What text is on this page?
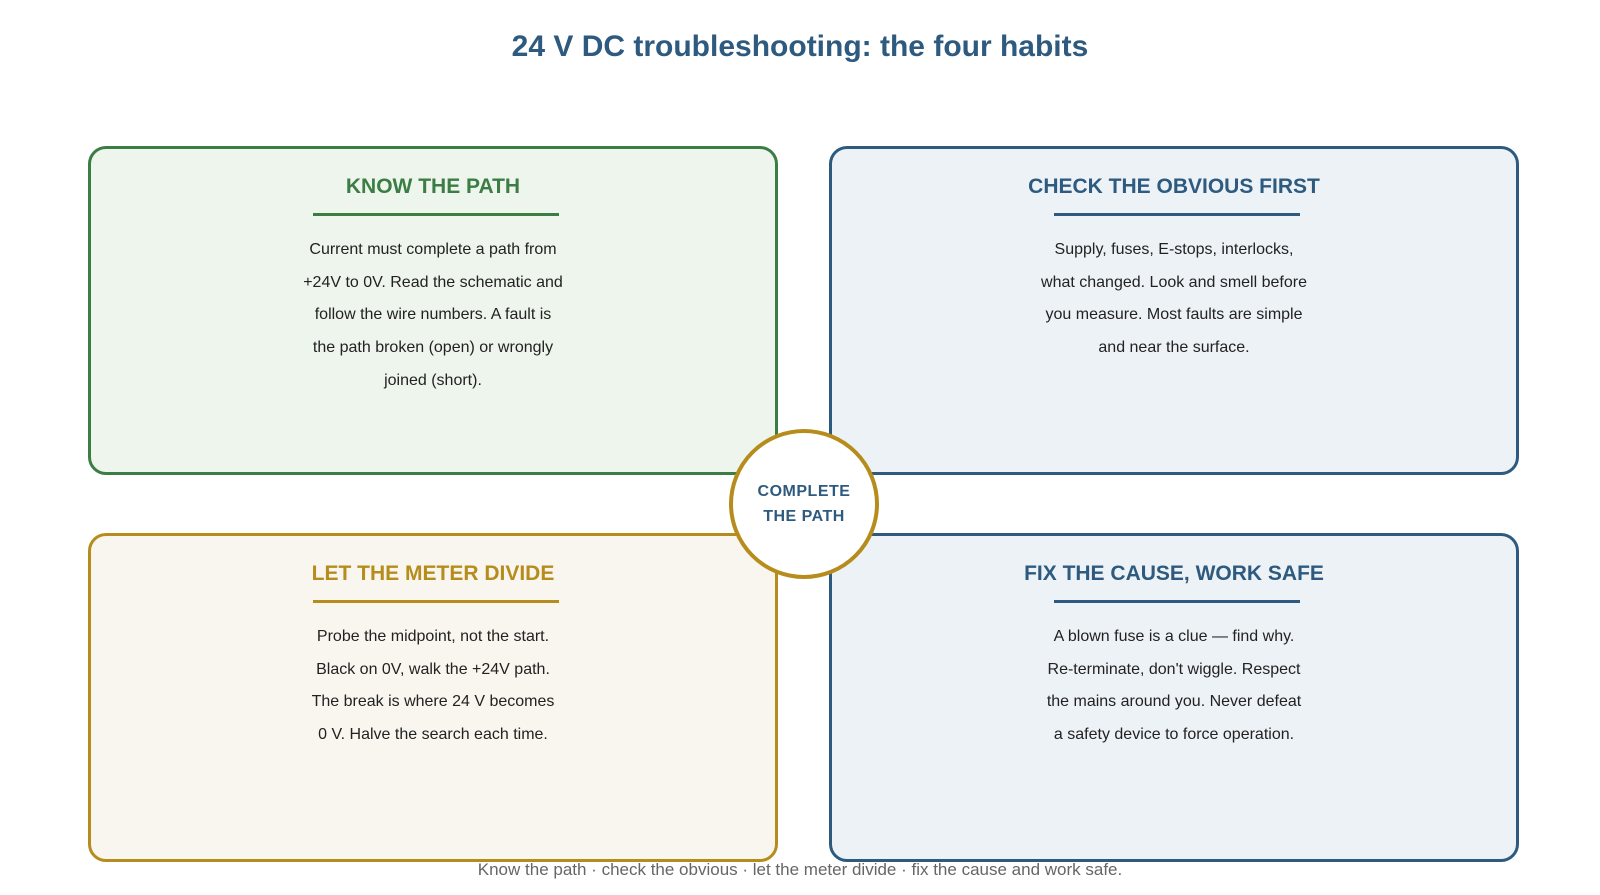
24 V DC troubleshooting: the four habits
KNOW THE PATH
Current must complete a path from
+24V to 0V. Read the schematic and
follow the wire numbers. A fault is
the path broken (open) or wrongly
joined (short).
CHECK THE OBVIOUS FIRST
Supply, fuses, E-stops, interlocks,
what changed. Look and smell before
you measure. Most faults are simple
and near the surface.
LET THE METER DIVIDE
Probe the midpoint, not the start.
Black on 0V, walk the +24V path.
The break is where 24 V becomes
0 V. Halve the search each time.
FIX THE CAUSE, WORK SAFE
A blown fuse is a clue — find why.
Re-terminate, don't wiggle. Respect
the mains around you. Never defeat
a safety device to force operation.
COMPLETE
THE PATH
Know the path · check the obvious · let the meter divide · fix the cause and work safe.
